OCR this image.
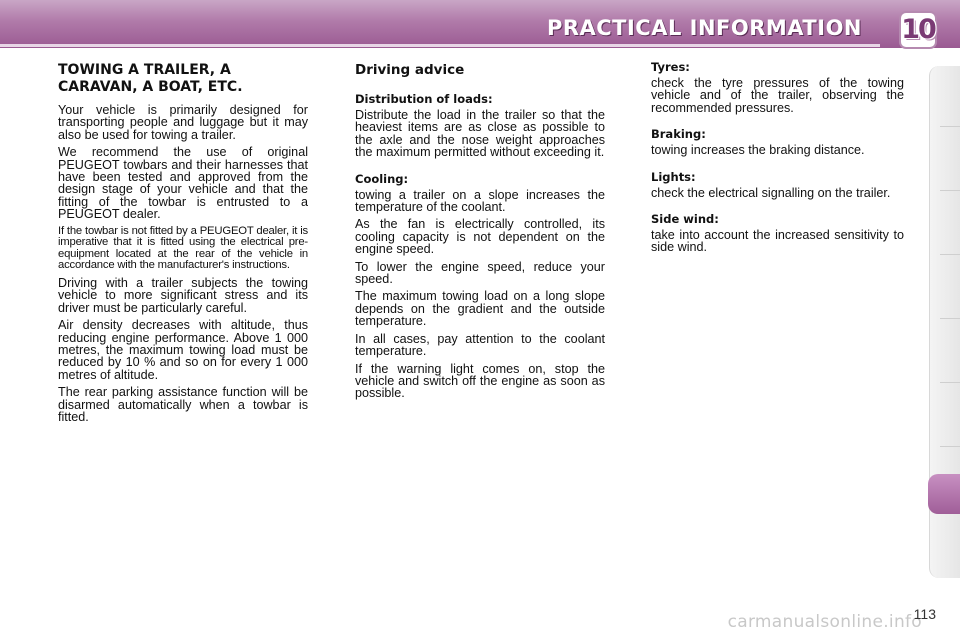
PRACTICAL INFORMATION 10
TOWING A TRAILER, A
CARAVAN, A BOAT, ETC.

Your vehicle is primarily designed for transporting people and luggage but it may also be used for towing a trailer.

We recommend the use of original PEUGEOT towbars and their harnesses that have been tested and approved from the design stage of your vehicle and that the fitting of the towbar is entrusted to a PEUGEOT dealer.

If the towbar is not fitted by a PEUGEOT dealer, it is imperative that it is fitted using the electrical pre-equipment located at the rear of the vehicle in accordance with the manufacturer's instructions.

Driving with a trailer subjects the towing vehicle to more significant stress and its driver must be particularly careful.

Air density decreases with altitude, thus reducing engine performance. Above 1 000 metres, the maximum towing load must be reduced by 10 % and so on for every 1 000 metres of altitude.

The rear parking assistance function will be disarmed automatically when a towbar is fitted.

Driving advice
Distribution of loads:

Distribute the load in the trailer so that the heaviest items are as close as possible to the axle and the nose weight approaches the maximum permitted without exceeding it.

Cooling:

towing a trailer on a slope increases the temperature of the coolant.

As the fan is electrically controlled, its cooling capacity is not dependent on the engine speed.

To lower the engine speed, reduce your speed.

The maximum towing load on a long slope depends on the gradient and the outside temperature.

In all cases, pay attention to the coolant temperature.

If the warning light comes on, stop the vehicle and switch off the engine as soon as possible.

Tyres:

check the tyre pressures of the towing vehicle and of the trailer, observing the recommended pressures.

Braking:

towing increases the braking distance.

Lights:

check the electrical signalling on the trailer.

Side wind:

take into account the increased sensitivity to side wind.

carmanualsonline.info
113
